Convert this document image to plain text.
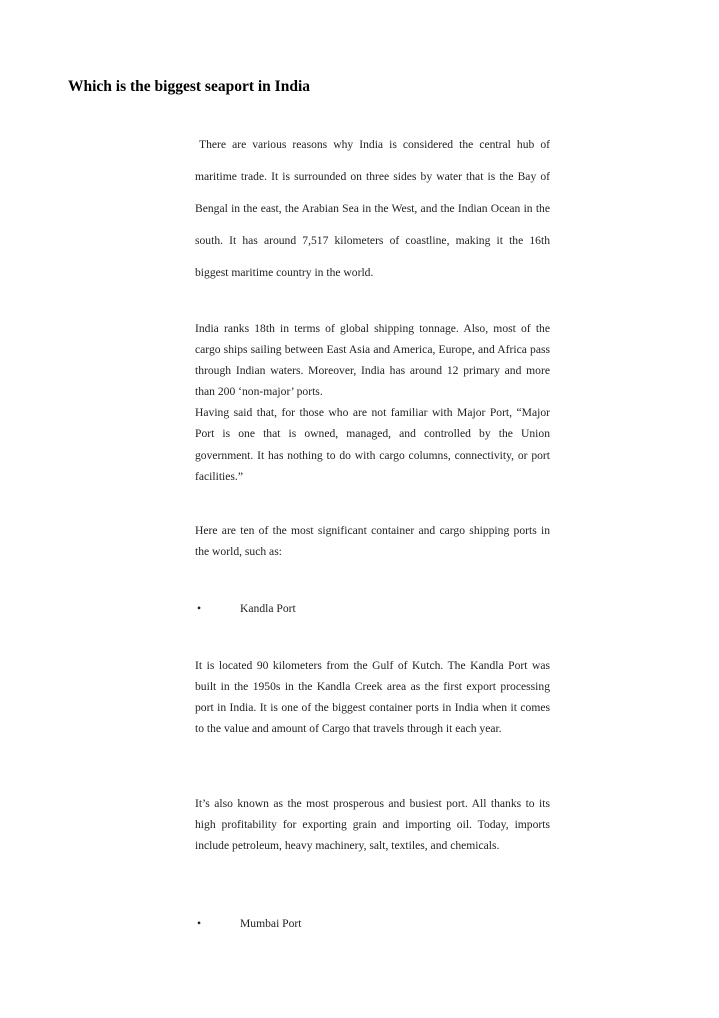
Which is the biggest seaport in India

There are various reasons why India is considered the central hub of maritime trade. It is surrounded on three sides by water that is the Bay of Bengal in the east, the Arabian Sea in the West, and the Indian Ocean in the south. It has around 7,517 kilometers of coastline, making it the 16th biggest maritime country in the world.

India ranks 18th in terms of global shipping tonnage. Also, most of the cargo ships sailing between East Asia and America, Europe, and Africa pass through Indian waters. Moreover, India has around 12 primary and more than 200 ‘non-major’ ports.
Having said that, for those who are not familiar with Major Port, “Major Port is one that is owned, managed, and controlled by the Union government. It has nothing to do with cargo columns, connectivity, or port facilities.”

Here are ten of the most significant container and cargo shipping ports in the world, such as:

•	Kandla Port

It is located 90 kilometers from the Gulf of Kutch. The Kandla Port was built in the 1950s in the Kandla Creek area as the first export processing port in India. It is one of the biggest container ports in India when it comes to the value and amount of Cargo that travels through it each year.

It’s also known as the most prosperous and busiest port. All thanks to its high profitability for exporting grain and importing oil. Today, imports include petroleum, heavy machinery, salt, textiles, and chemicals.

•	Mumbai Port
